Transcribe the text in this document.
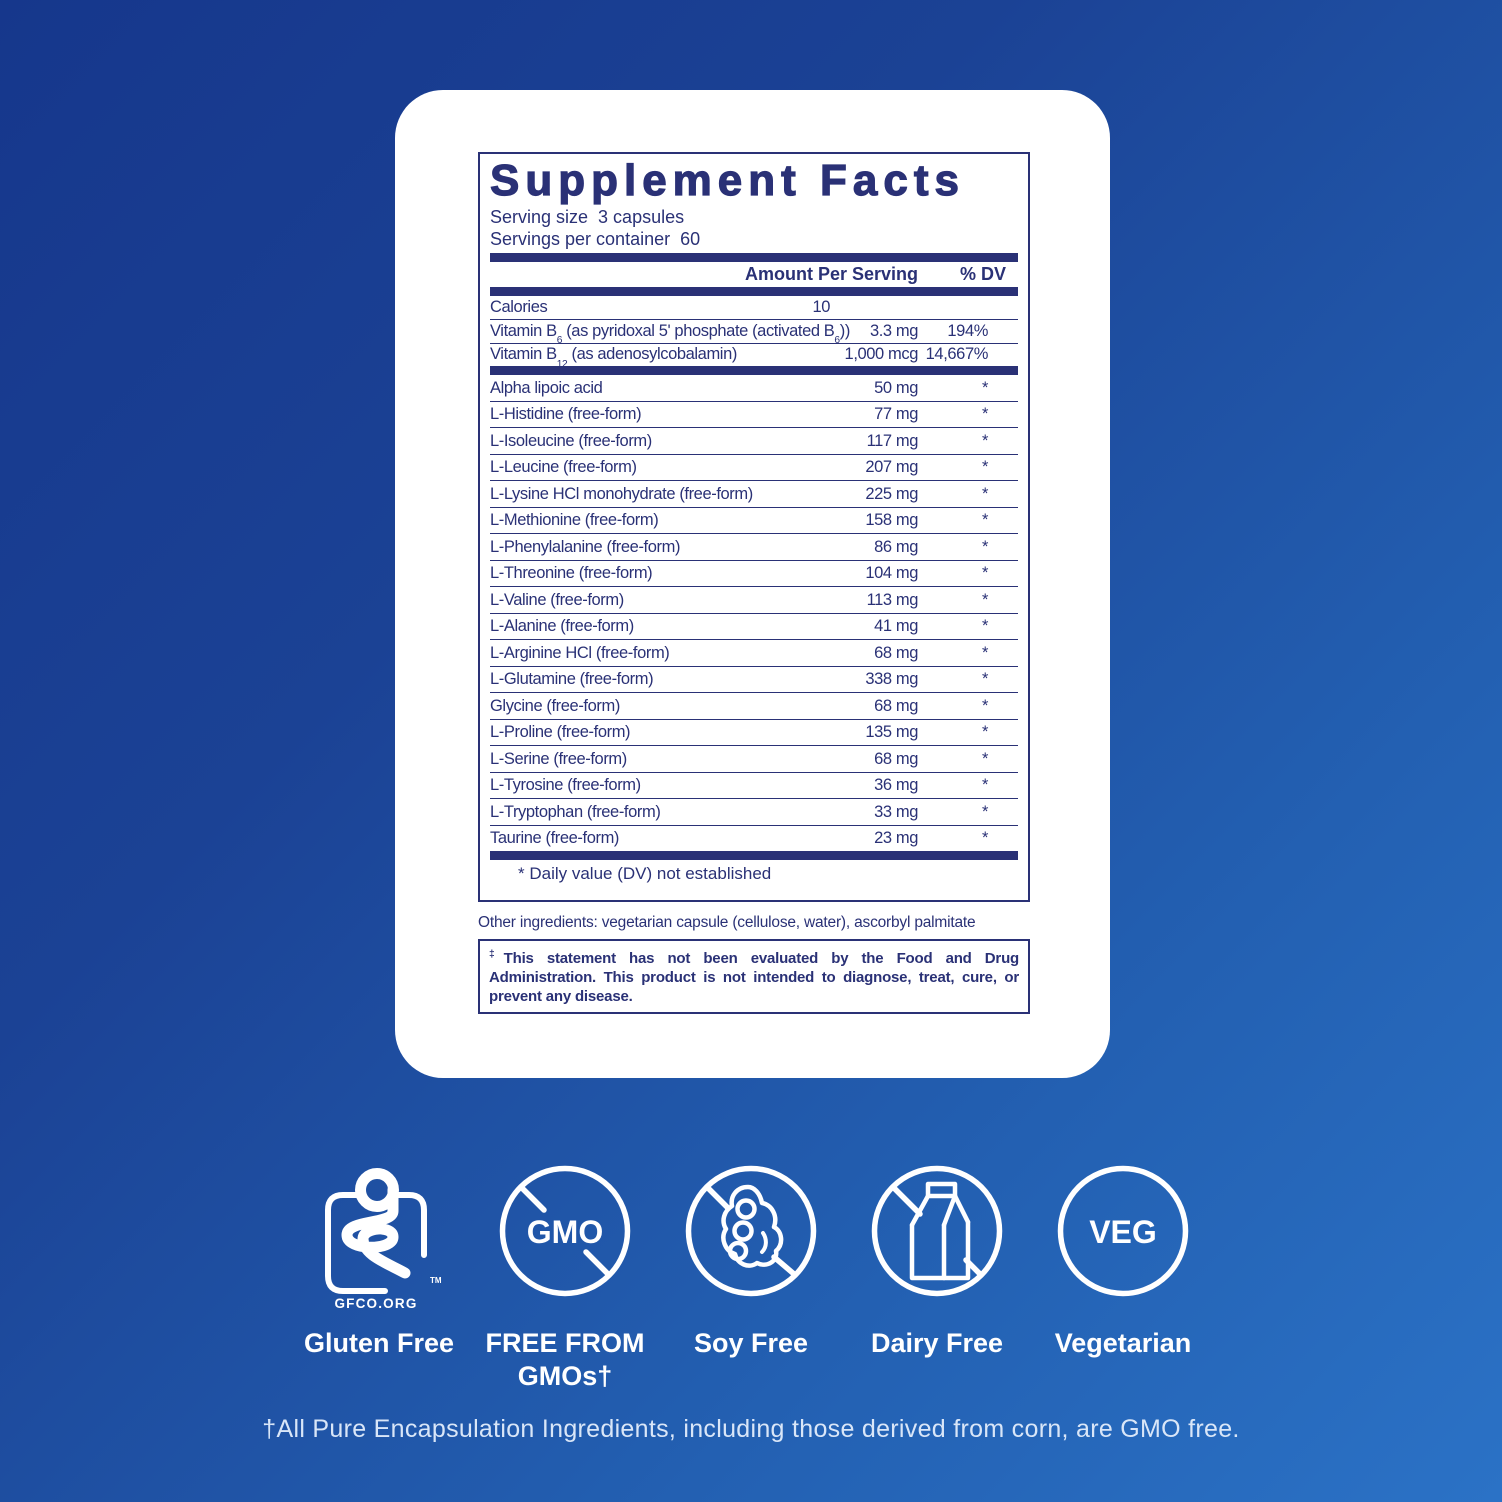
Supplement Facts
Serving size 3 capsules
Servings per container 60
Amount Per Serving	% DV
Calories	10
Vitamin $B_6$ (as pyridoxal 5' phosphate (activated $B_6$))	3.3 mg	194%
Vitamin $B_{12}$ (as adenosylcobalamin)	1,000 mcg 14,667%
Alpha lipoic acid	50 mg	*
L-Histidine (free-form)	77 mg	*
L-Isoleucine (free-form)	117 mg	*
L-Leucine (free-form)	207 mg	*
L-Lysine HCl monohydrate (free-form)	225 mg	*
L-Methionine (free-form)	158 mg	*
L-Phenylalanine (free-form)	86 mg	*
L-Threonine (free-form)	104 mg	*
L-Valine (free-form)	113 mg	*
L-Alanine (free-form)	41 mg	*
L-Arginine HCl (free-form)	68 mg	*
L-Glutamine (free-form)	338 mg	*
Glycine (free-form)	68 mg	*
L-Proline (free-form)	135 mg	*
L-Serine (free-form)	68 mg	*
L-Tyrosine (free-form)	36 mg	*
L-Tryptophan (free-form)	33 mg	*
Taurine (free-form)	23 mg	*
* Daily value (DV) not established
Other ingredients: vegetarian capsule (cellulose, water), ascorbyl palmitate
‡This statement has not been evaluated by the Food and Drug Administration. This product is not intended to diagnose, treat, cure, or prevent any disease.
GFCO.ORG
TM
Gluten Free
GMO
FREE FROM GMOs†
Soy Free Dairy Free
VEG
Vegetarian
†All Pure Encapsulation Ingredients, including those derived from corn, are GMO free.
